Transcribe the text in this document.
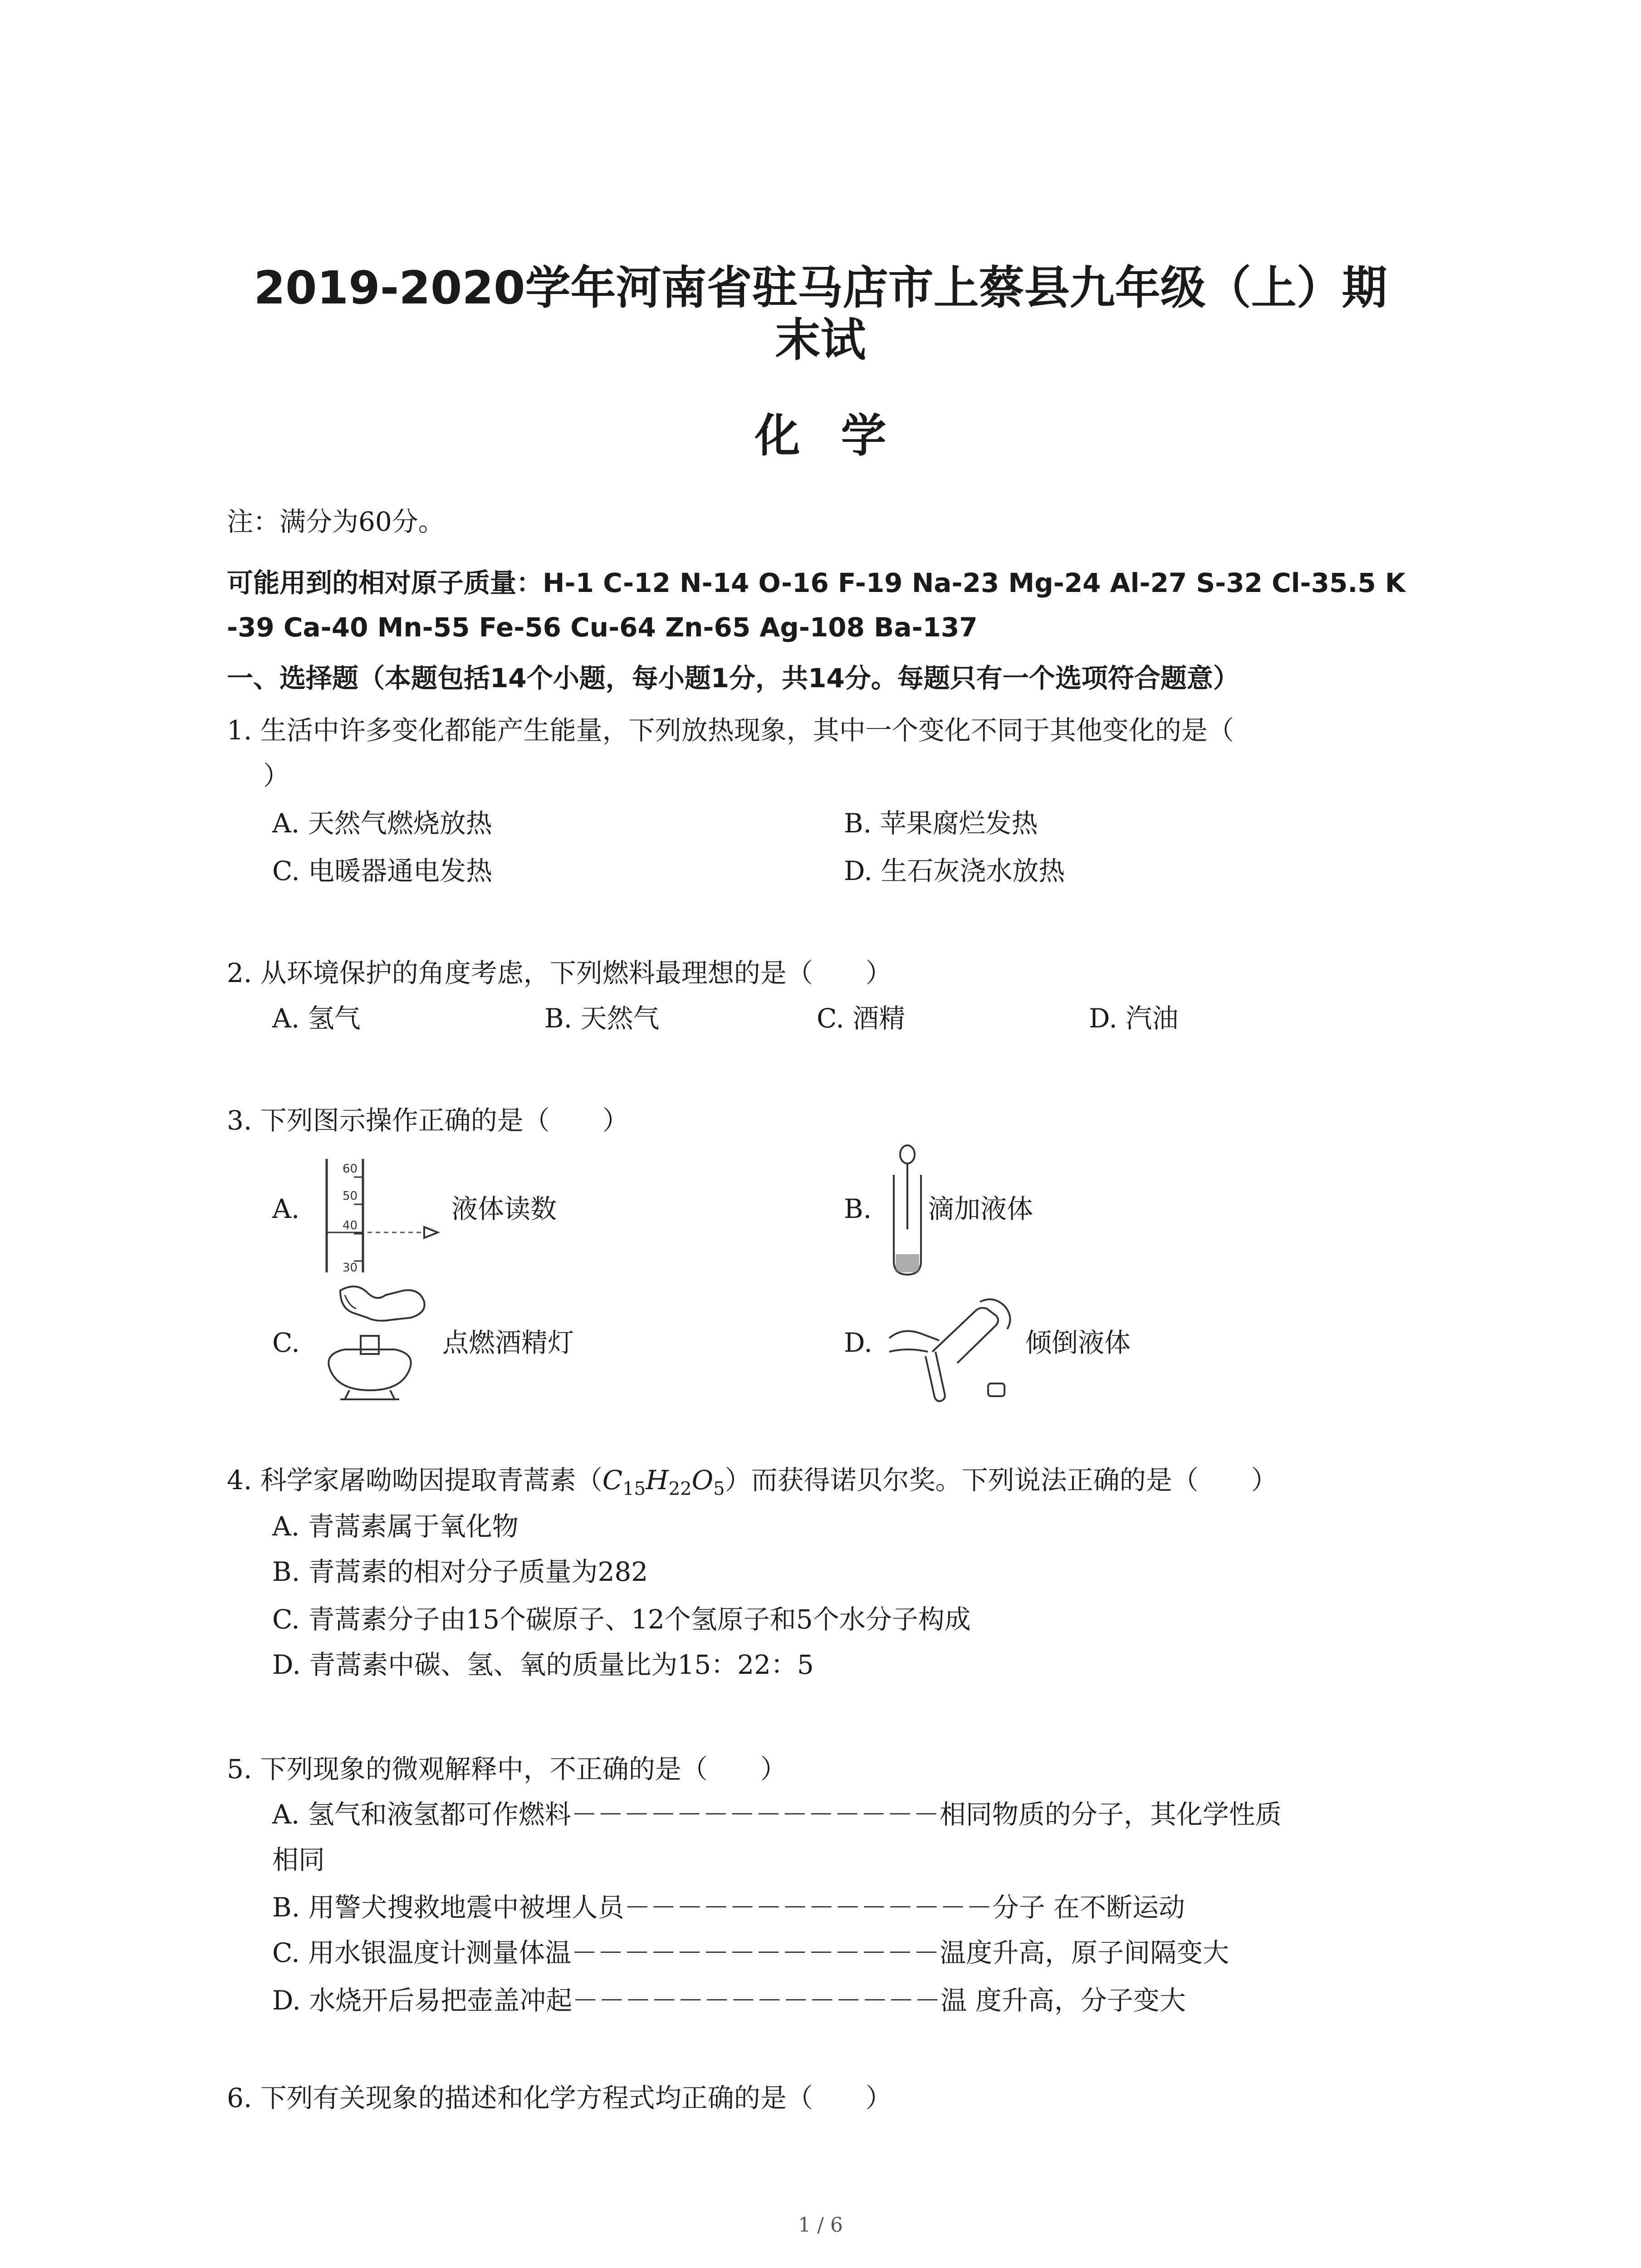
2019-2020学年河南省驻马店市上蔡县九年级（上）期
末试
化学
注：满分为60分。
可能用到的相对原子质量：H-1 C-12 N-14 O-16 F-19 Na-23 Mg-24 Al-27 S-32 Cl-35.5 K
-39 Ca-40 Mn-55 Fe-56 Cu-64 Zn-65 Ag-108 Ba-137
一、选择题（本题包括14个小题，每小题1分，共14分。每题只有一个选项符合题意）
1. 生活中许多变化都能产生能量，下列放热现象，其中一个变化不同于其他变化的是（
）
A. 天然气燃烧放热	B. 苹果腐烂发热
C. 电暖器通电发热	D. 生石灰浇水放热
2. 从环境保护的角度考虑，下列燃料最理想的是（　　）
A. 氢气	B. 天然气	C. 酒精	D. 汽油
3. 下列图示操作正确的是（　　）
A.
60
50
40
30
液体读数	B. 滴加液体
C.	点燃酒精灯	D.	倾倒液体
4. 科学家屠呦呦因提取青蒿素$(C_{15}H_{22}O_5)$而获得诺贝尔奖。下列说法正确的是（　　）
A. 青蒿素属于氧化物
B. 青蒿素的相对分子质量为282
C. 青蒿素分子由15个碳原子、12个氢原子和5个水分子构成
D. 青蒿素中碳、氢、氧的质量比为15：22：5
5. 下列现象的微观解释中，不正确的是（　　）
A. 氢气和液氢都可作燃料－－－－－－－－－－－－－－相同物质的分子，其化学性质
相同
B. 用警犬搜救地震中被埋人员－－－－－－－－－－－－－－分子 在不断运动
C. 用水银温度计测量体温－－－－－－－－－－－－－－温度升高，原子间隔变大
D. 水烧开后易把壶盖冲起－－－－－－－－－－－－－－温 度升高，分子变大
6. 下列有关现象的描述和化学方程式均正确的是（　　）
1 / 6
